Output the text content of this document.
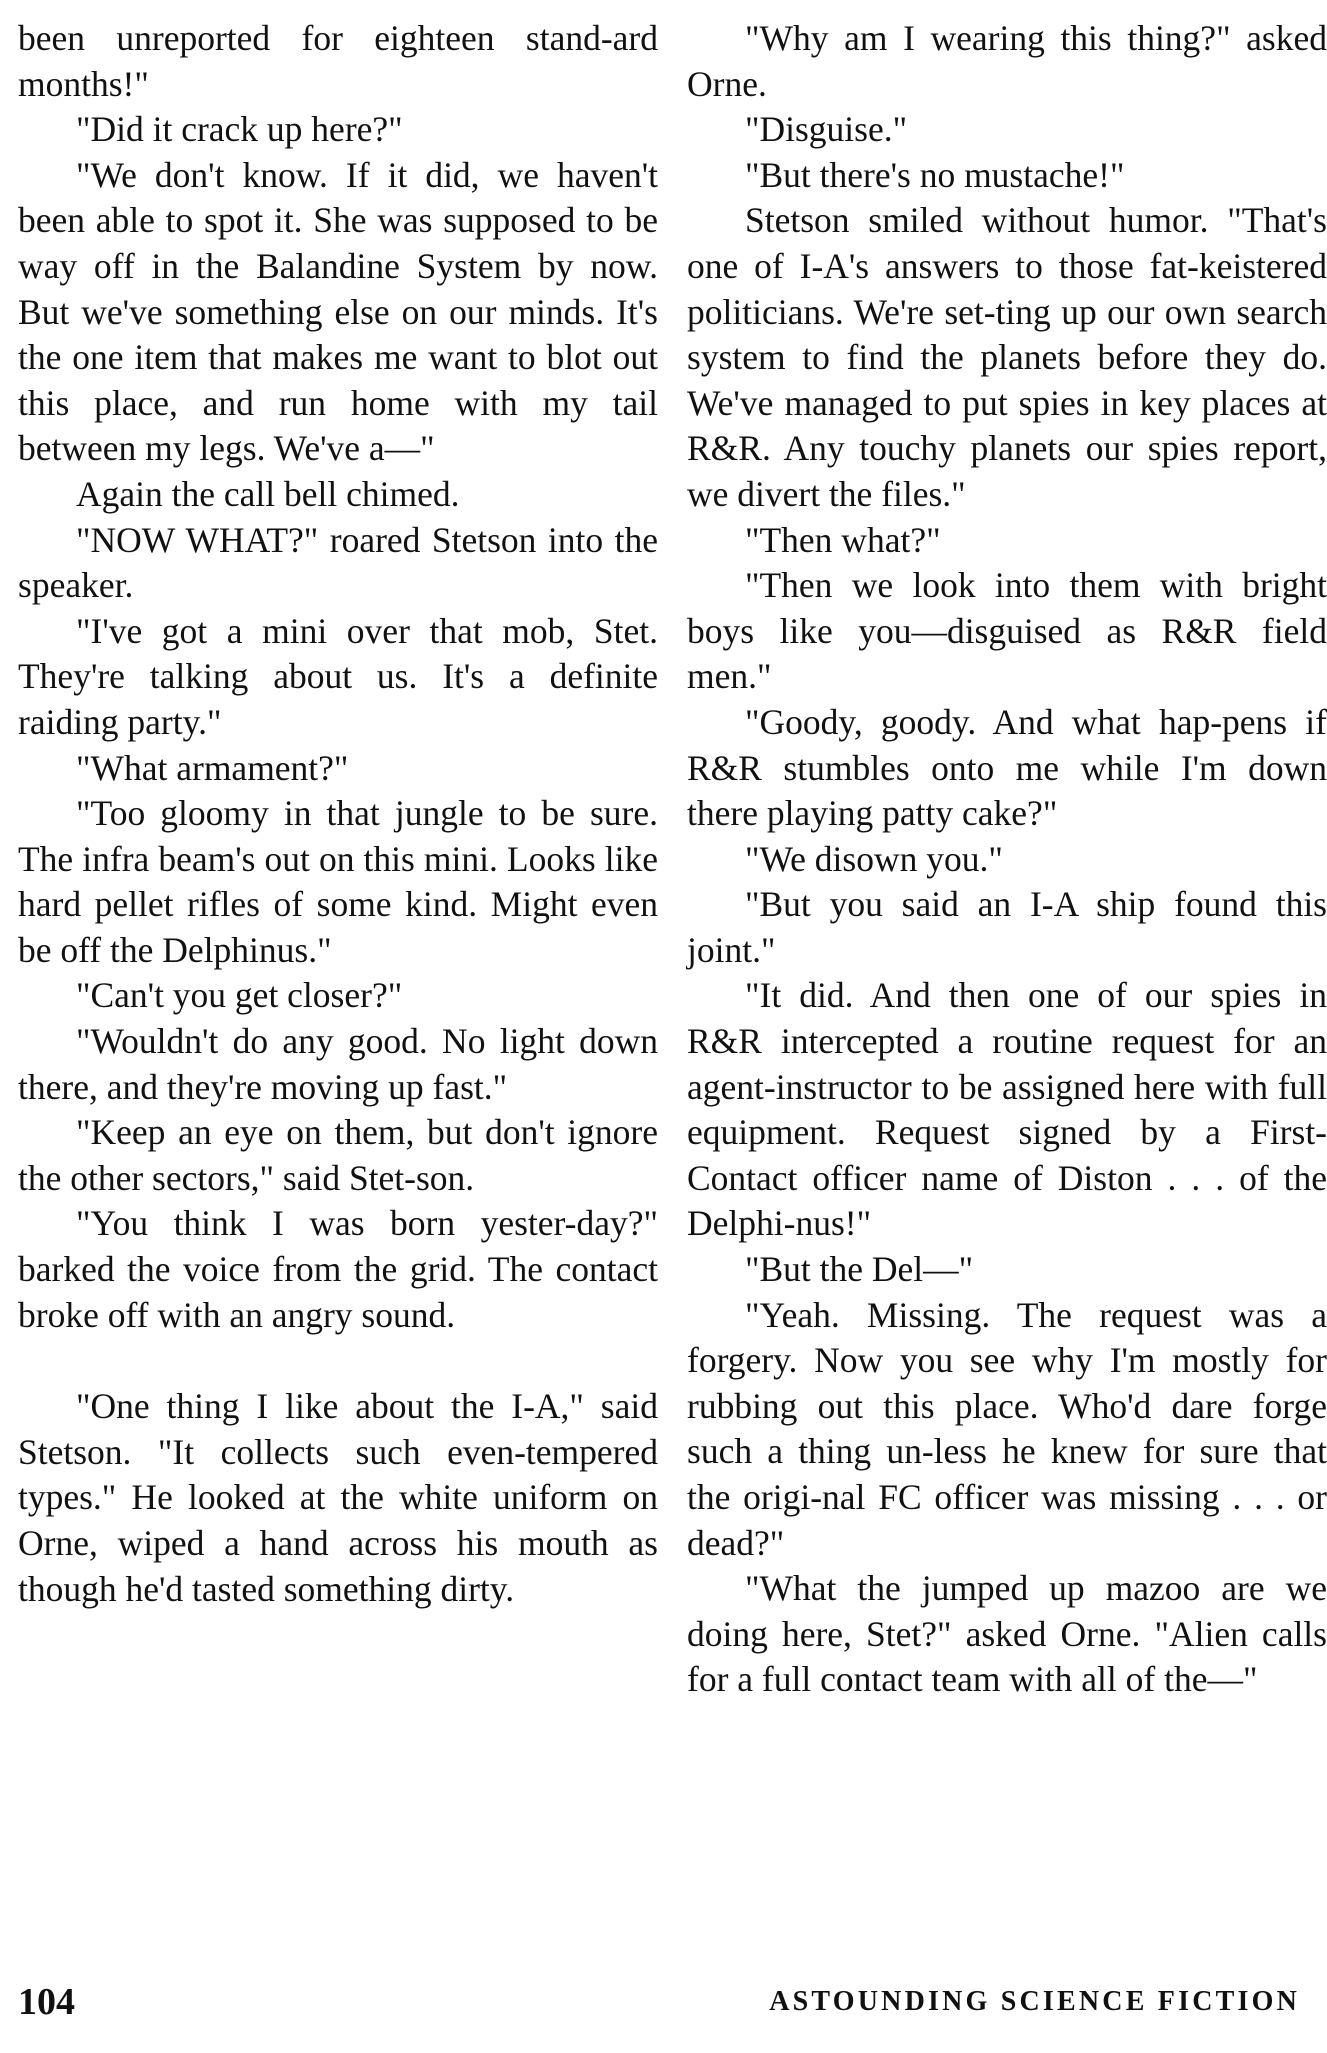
been unreported for eighteen stand-ard months!"

"Did it crack up here?"

"We don't know. If it did, we haven't been able to spot it. She was supposed to be way off in the Balandine System by now. But we've something else on our minds. It's the one item that makes me want to blot out this place, and run home with my tail between my legs. We've a—"

Again the call bell chimed.

"NOW WHAT?" roared Stetson into the speaker.

"I've got a mini over that mob, Stet. They're talking about us. It's a definite raiding party."

"What armament?"

"Too gloomy in that jungle to be sure. The infra beam's out on this mini. Looks like hard pellet rifles of some kind. Might even be off the Delphinus."

"Can't you get closer?"

"Wouldn't do any good. No light down there, and they're moving up fast."

"Keep an eye on them, but don't ignore the other sectors," said Stet-son.

"You think I was born yester-day?" barked the voice from the grid. The contact broke off with an angry sound.

"One thing I like about the I-A," said Stetson. "It collects such even-tempered types." He looked at the white uniform on Orne, wiped a hand across his mouth as though he'd tasted something dirty.

"Why am I wearing this thing?" asked Orne.

"Disguise."

"But there's no mustache!"

Stetson smiled without humor. "That's one of I-A's answers to those fat-keistered politicians. We're set-ting up our own search system to find the planets before they do. We've managed to put spies in key places at R&R. Any touchy planets our spies report, we divert the files."

"Then what?"

"Then we look into them with bright boys like you—disguised as R&R field men."

"Goody, goody. And what hap-pens if R&R stumbles onto me while I'm down there playing patty cake?"

"We disown you."

"But you said an I-A ship found this joint."

"It did. And then one of our spies in R&R intercepted a routine request for an agent-instructor to be assigned here with full equipment. Request signed by a First-Contact officer name of Diston . . . of the Delphi-nus!"

"But the Del—"

"Yeah. Missing. The request was a forgery. Now you see why I'm mostly for rubbing out this place. Who'd dare forge such a thing un-less he knew for sure that the origi-nal FC officer was missing . . . or dead?"

"What the jumped up mazoo are we doing here, Stet?" asked Orne. "Alien calls for a full contact team with all of the—"

104	ASTOUNDING SCIENCE FICTION
